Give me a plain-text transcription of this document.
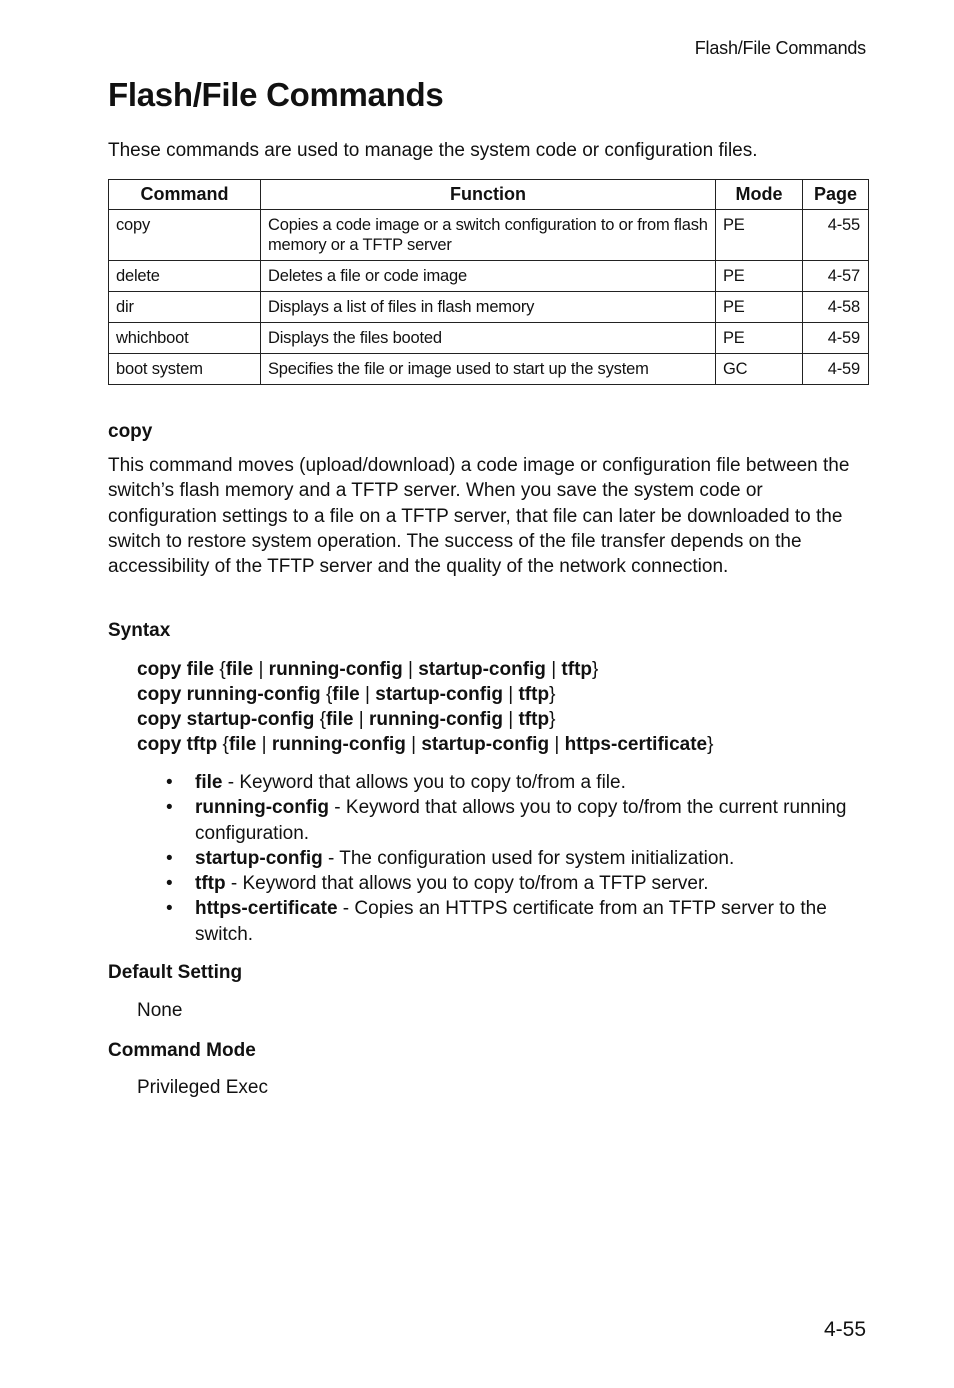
Flash/File Commands
Flash/File Commands

These commands are used to manage the system code or configuration files.

Command	Function	Mode	Page
copy	Copies a code image or a switch configuration to or from flash memory or a TFTP server	PE	4-55
delete	Deletes a file or code image	PE	4-57
dir	Displays a list of files in flash memory	PE	4-58
whichboot	Displays the files booted	PE	4-59
boot system	Specifies the file or image used to start up the system	GC	4-59
copy

This command moves (upload/download) a code image or configuration file between the switch’s flash memory and a TFTP server. When you save the system code or configuration settings to a file on a TFTP server, that file can later be downloaded to the switch to restore system operation. The success of the file transfer depends on the accessibility of the TFTP server and the quality of the network connection.

Syntax
copy file {file | running-config | startup-config | tftp}
copy running-config {file | startup-config | tftp}
copy startup-config {file | running-config | tftp}
copy tftp {file | running-config | startup-config | https-certificate}
• file - Keyword that allows you to copy to/from a file.
• running-config - Keyword that allows you to copy to/from the current running configuration.
• startup-config - The configuration used for system initialization.
• tftp - Keyword that allows you to copy to/from a TFTP server.
• https-certificate - Copies an HTTPS certificate from an TFTP server to the switch.
Default Setting

None

Command Mode

Privileged Exec

4-55
